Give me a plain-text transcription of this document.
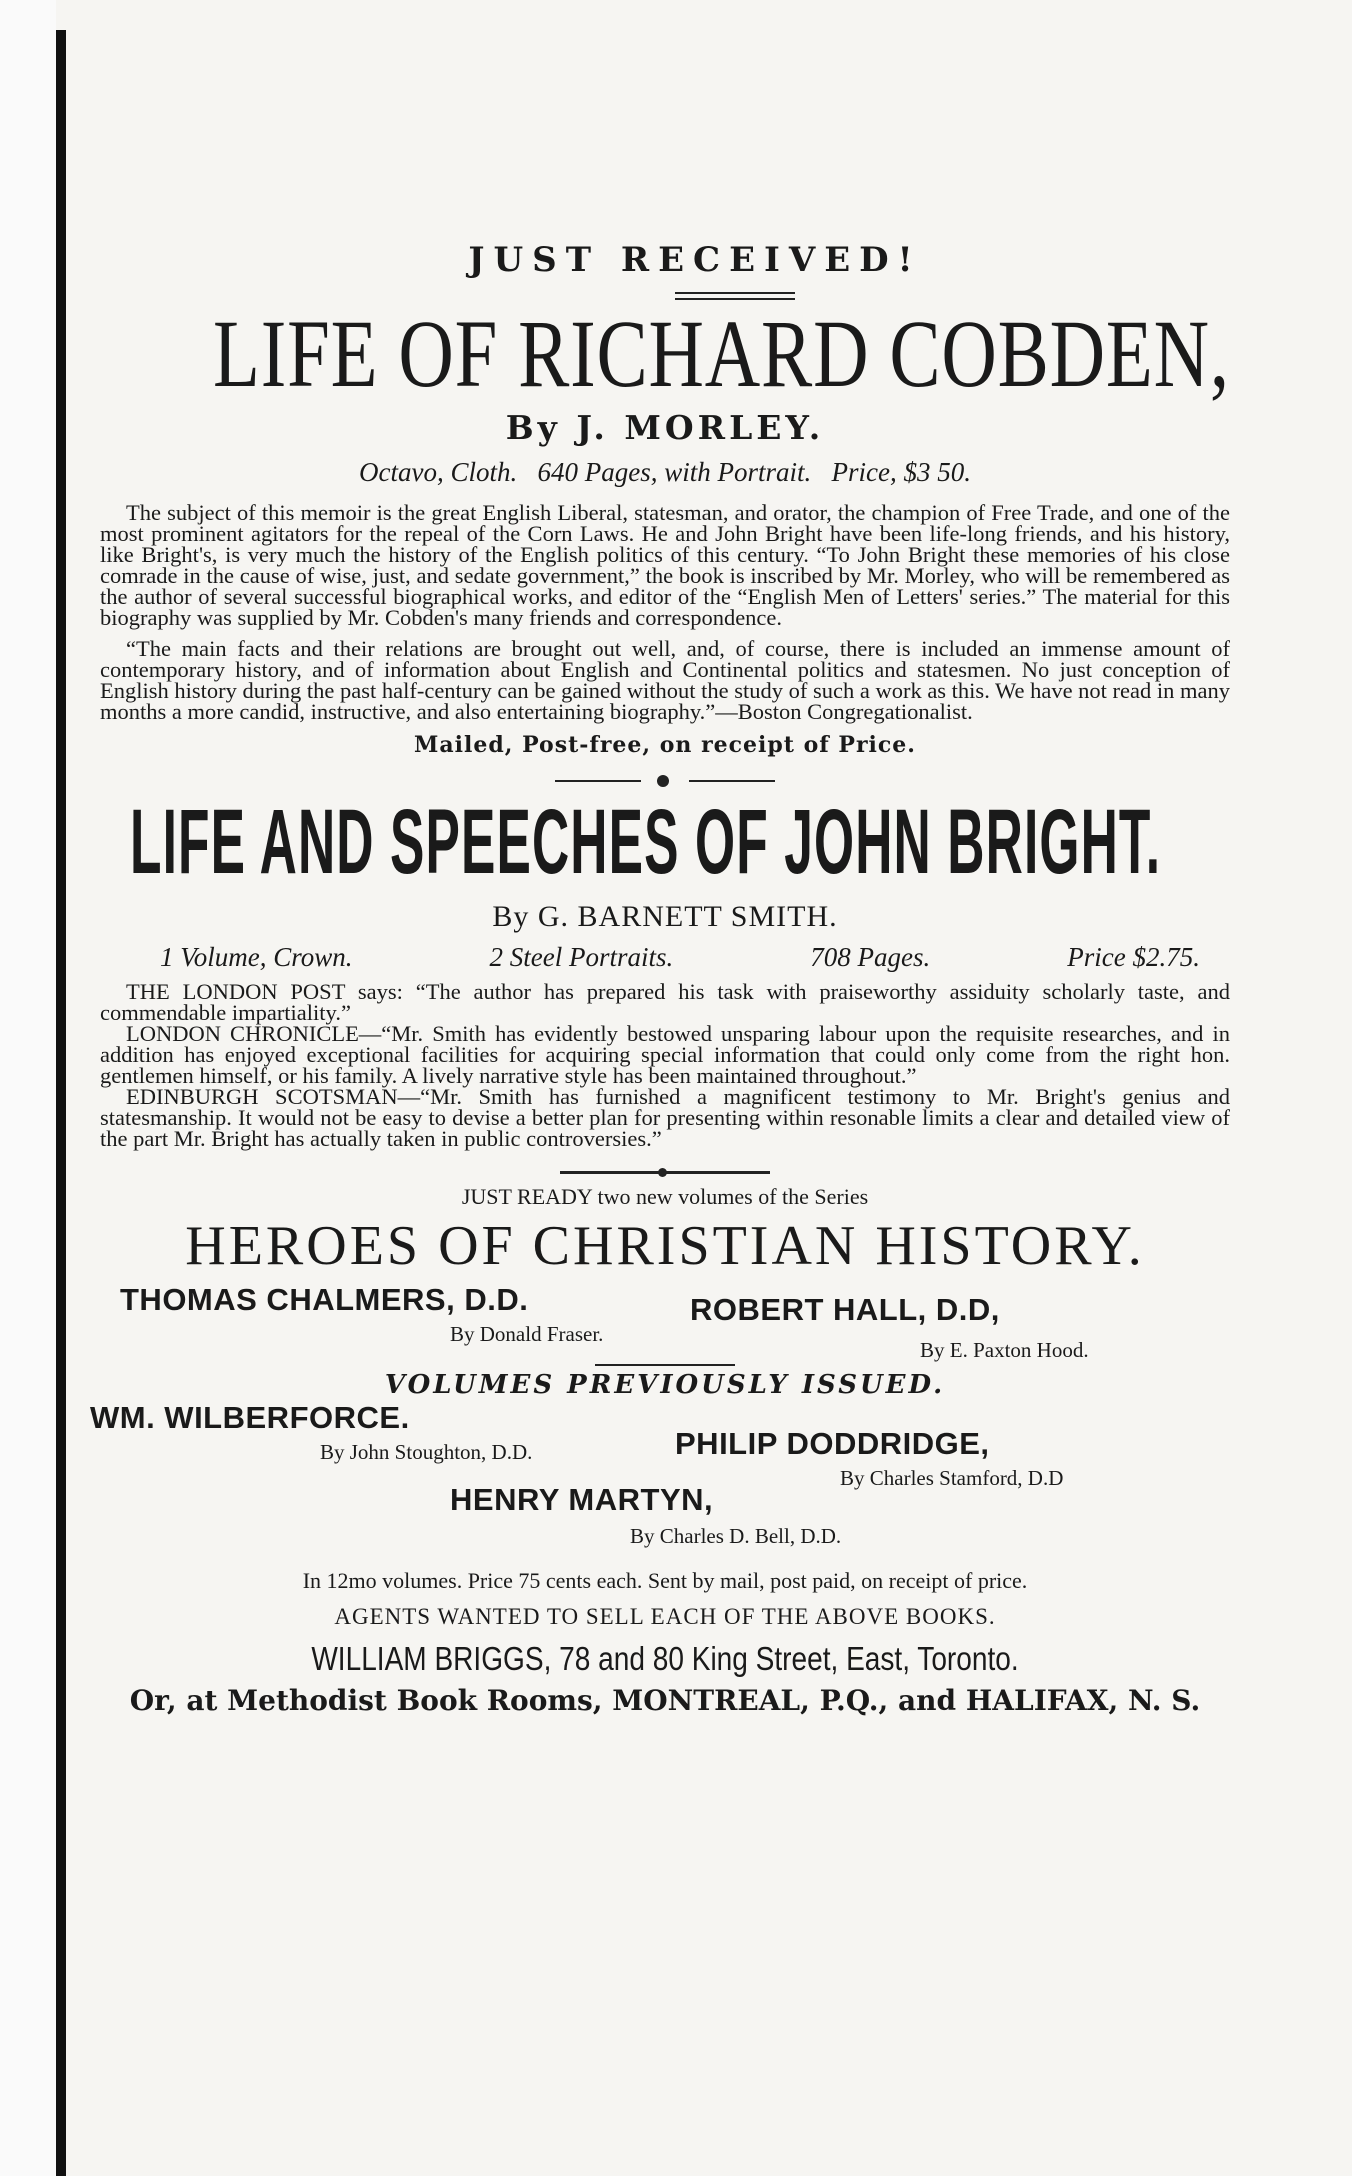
JUST RECEIVED!
LIFE OF RICHARD COBDEN,
By J. MORLEY.
Octavo, Cloth. 640 Pages, with Portrait. Price, $3 50.
The subject of this memoir is the great English Liberal, statesman, and orator, the champion of Free Trade, and one of the most prominent agitators for the repeal of the Corn Laws. He and John Bright have been life-long friends, and his history, like Bright's, is very much the history of the English politics of this century. “To John Bright these memories of his close comrade in the cause of wise, just, and sedate government,” the book is inscribed by Mr. Morley, who will be remembered as the author of several successful biographical works, and editor of the “English Men of Letters' series.” The material for this biography was supplied by Mr. Cobden's many friends and correspondence.
“The main facts and their relations are brought out well, and, of course, there is included an immense amount of contemporary history, and of information about English and Continental politics and statesmen. No just conception of English history during the past half-century can be gained without the study of such a work as this. We have not read in many months a more candid, instructive, and also entertaining biography.”—Boston Congregationalist.
Mailed, Post-free, on receipt of Price.
LIFE AND SPEECHES OF JOHN BRIGHT.
By G. BARNETT SMITH.
1 Volume, Crown.	2 Steel Portraits.	708 Pages.	Price $2.75.
THE LONDON POST says: “The author has prepared his task with praiseworthy assiduity scholarly taste, and commendable impartiality.”
LONDON CHRONICLE—“Mr. Smith has evidently bestowed unsparing labour upon the requisite researches, and in addition has enjoyed exceptional facilities for acquiring special information that could only come from the right hon. gentlemen himself, or his family. A lively narrative style has been maintained throughout.”
EDINBURGH SCOTSMAN—“Mr. Smith has furnished a magnificent testimony to Mr. Bright's genius and statesmanship. It would not be easy to devise a better plan for presenting within resonable limits a clear and detailed view of the part Mr. Bright has actually taken in public controversies.”
JUST READY two new volumes of the Series
HEROES OF CHRISTIAN HISTORY.
THOMAS CHALMERS, D.D.
By Donald Fraser.
ROBERT HALL, D.D,
By E. Paxton Hood.
VOLUMES PREVIOUSLY ISSUED.
WM. WILBERFORCE.
By John Stoughton, D.D.	PHILIP DODDRIDGE,
By Charles Stamford, D.D
HENRY MARTYN,
By Charles D. Bell, D.D.
In 12mo volumes. Price 75 cents each. Sent by mail, post paid, on receipt of price.
AGENTS WANTED TO SELL EACH OF THE ABOVE BOOKS.
WILLIAM BRIGGS, 78 and 80 King Street, East, Toronto.
Or, at Methodist Book Rooms, MONTREAL, P.Q., and HALIFAX, N. S.
